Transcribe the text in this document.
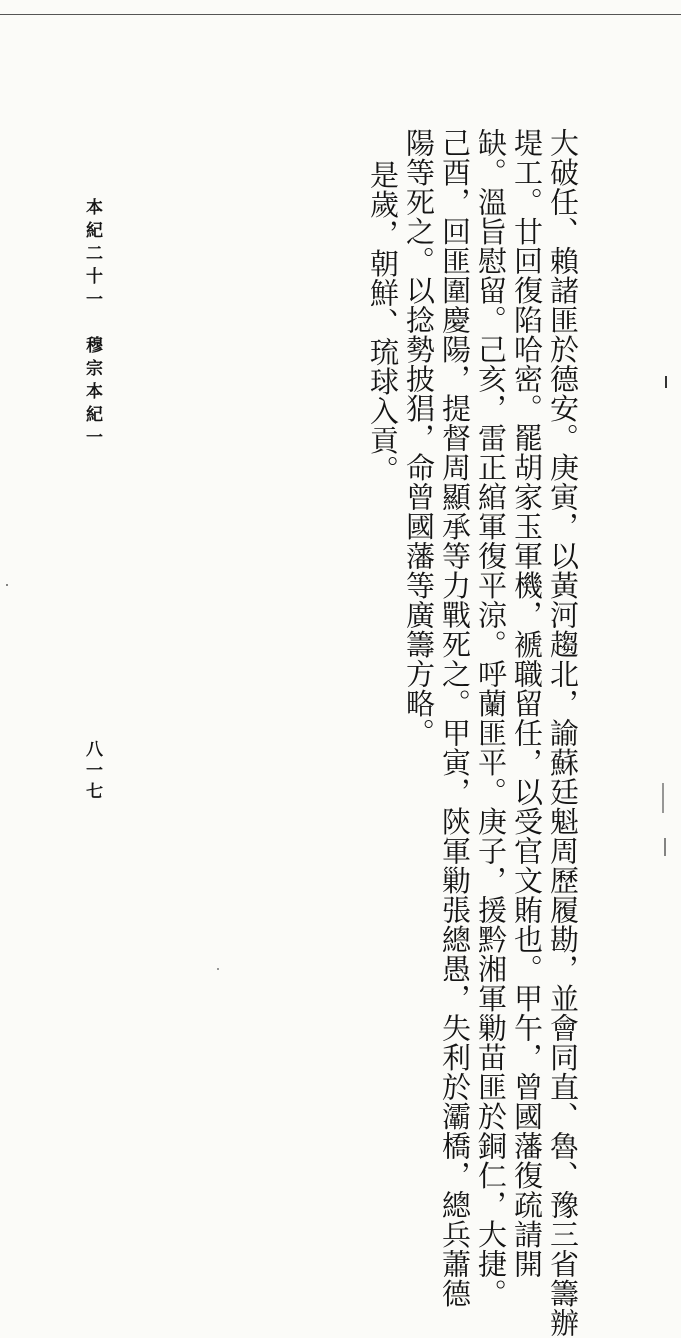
本紀二十一　穆宗本紀一
八一七	大破任、賴諸匪於德安。庚寅，以黃河趨北，諭蘇廷魁周歷履勘，並會同直、魯、豫三省籌辦
堤工。廿回復陷哈密。罷胡家玉軍機，褫職留任，以受官文賄也。甲午，曾國藩復疏請開
缺。溫旨慰留。己亥，雷正綰軍復平涼。呼蘭匪平。庚子，援黔湘軍勦苗匪於銅仁，大捷。
己酉，回匪圍慶陽，提督周顯承等力戰死之。甲寅，陝軍勦張總愚，失利於灞橋，總兵蕭德
陽等死之。以捻勢披猖，命曾國藩等廣籌方略。
是歲，朝鮮、琉球入貢。
